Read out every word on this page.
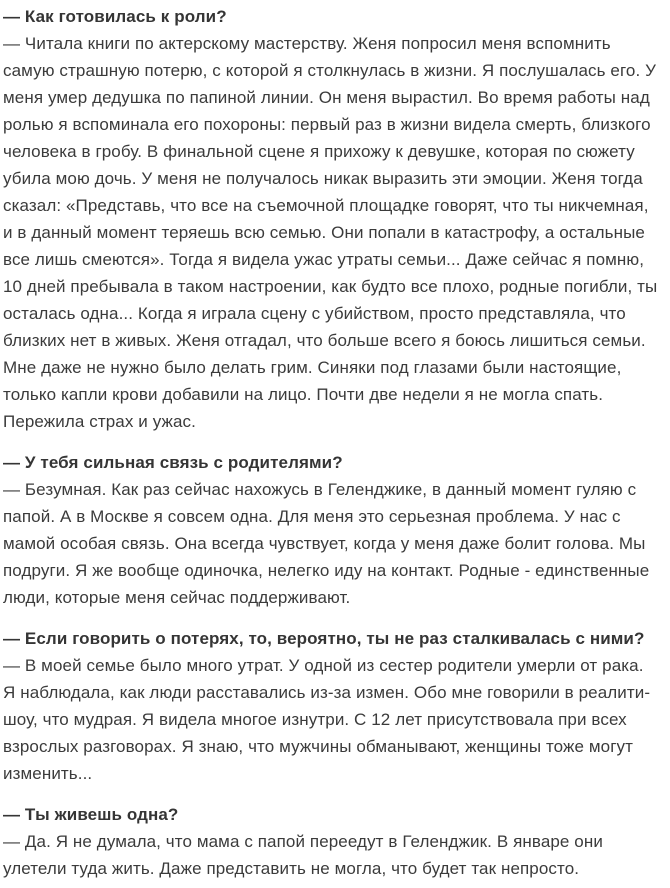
— Как готовилась к роли?

— Читала книги по актерскому мастерству. Женя попросил меня вспомнить самую страшную потерю, с которой я столкнулась в жизни. Я послушалась его. У меня умер дедушка по папиной линии. Он меня вырастил. Во время работы над ролью я вспоминала его похороны: первый раз в жизни видела смерть, близкого человека в гробу. В финальной сцене я прихожу к девушке, которая по сюжету убила мою дочь. У меня не получалось никак выразить эти эмоции. Женя тогда сказал: «Представь, что все на съемочной площадке говорят, что ты никчемная, и в данный момент теряешь всю семью. Они попали в катастрофу, а остальные все лишь смеются». Тогда я видела ужас утраты семьи... Даже сейчас я помню, 10 дней пребывала в таком настроении, как будто все плохо, родные погибли, ты осталась одна... Когда я играла сцену с убийством, просто представляла, что близких нет в живых. Женя отгадал, что больше всего я боюсь лишиться семьи. Мне даже не нужно было делать грим. Синяки под глазами были настоящие, только капли крови добавили на лицо. Почти две недели я не могла спать. Пережила страх и ужас.

— У тебя сильная связь с родителями?

— Безумная. Как раз сейчас нахожусь в Геленджике, в данный момент гуляю с папой. А в Москве я совсем одна. Для меня это серьезная проблема. У нас с мамой особая связь. Она всегда чувствует, когда у меня даже болит голова. Мы подруги. Я же вообще одиночка, нелегко иду на контакт. Родные - единственные люди, которые меня сейчас поддерживают.

— Если говорить о потерях, то, вероятно, ты не раз сталкивалась с ними?

— В моей семье было много утрат. У одной из сестер родители умерли от рака. Я наблюдала, как люди расставались из-за измен. Обо мне говорили в реалити-шоу, что мудрая. Я видела многое изнутри. С 12 лет присутствовала при всех взрослых разговорах. Я знаю, что мужчины обманывают, женщины тоже могут изменить...

— Ты живешь одна?

— Да. Я не думала, что мама с папой переедут в Геленджик. В январе они улетели туда жить. Даже представить не могла, что будет так непросто.
